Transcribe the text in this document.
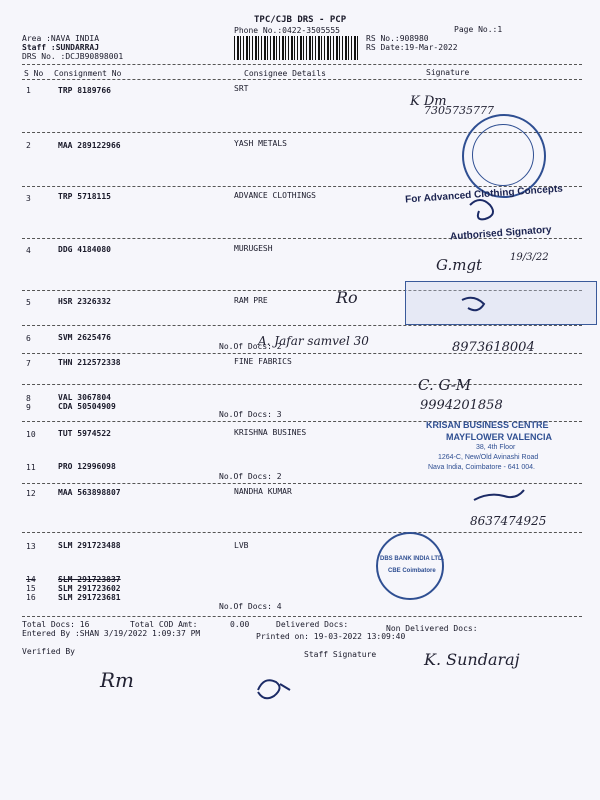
TPC/CJB DRS - PCP
Phone No.:0422-3505555	Page No.:1
Area :NAVA INDIA
Staff :SUNDARRAJ
DRS No. :DCJB90898001
RS No.:908980
RS Date:19-Mar-2022
S No Consignment No	Consignee Details	Signature
1	TRP 8189766	SRT
2	MAA 289122966	YASH METALS
3	TRP 5718115	ADVANCE CLOTHINGS
4	DDG 4184080	MURUGESH
5	HSR 2326332	RAM PRE
6	SVM 2625476
No.Of Docs: 2
7	THN 212572338	FINE FABRICS
8	VAL 3067804
9	CDA 50504909
No.Of Docs: 3
10	TUT 5974522	KRISHNA BUSINES
11	PRO 12996098
No.Of Docs: 2
12	MAA 563898807	NANDHA KUMAR
13	SLM 291723488	LVB
14	SLM 291723837
15	SLM 291723602
16	SLM 291723681
No.Of Docs: 4
Total Docs: 16	Total COD Amt:	0.00	Delivered Docs:	Non Delivered Docs:
Entered By :SHAN 3/19/2022 1:09:37 PM	Printed on: 19-03-2022 13:09:40
Verified By	Staff Signature
For Advanced Clothing Concepts
Authorised Signatory
KRISAN BUSINESS CENTRE
MAYFLOWER VALENCIA
38, 4th Floor
1264-C, New/Old Avinashi Road
Nava India, Coimbatore - 641 004.
DBS BANK INDIA LTD.
CBE Coimbatore
K Dm
7305735777
G.mgt	19/3/22
Ro
A. Jafar samvel 30	8973618004
C. G-M
9994201858
8637474925
Rm
K. Sundaraj
